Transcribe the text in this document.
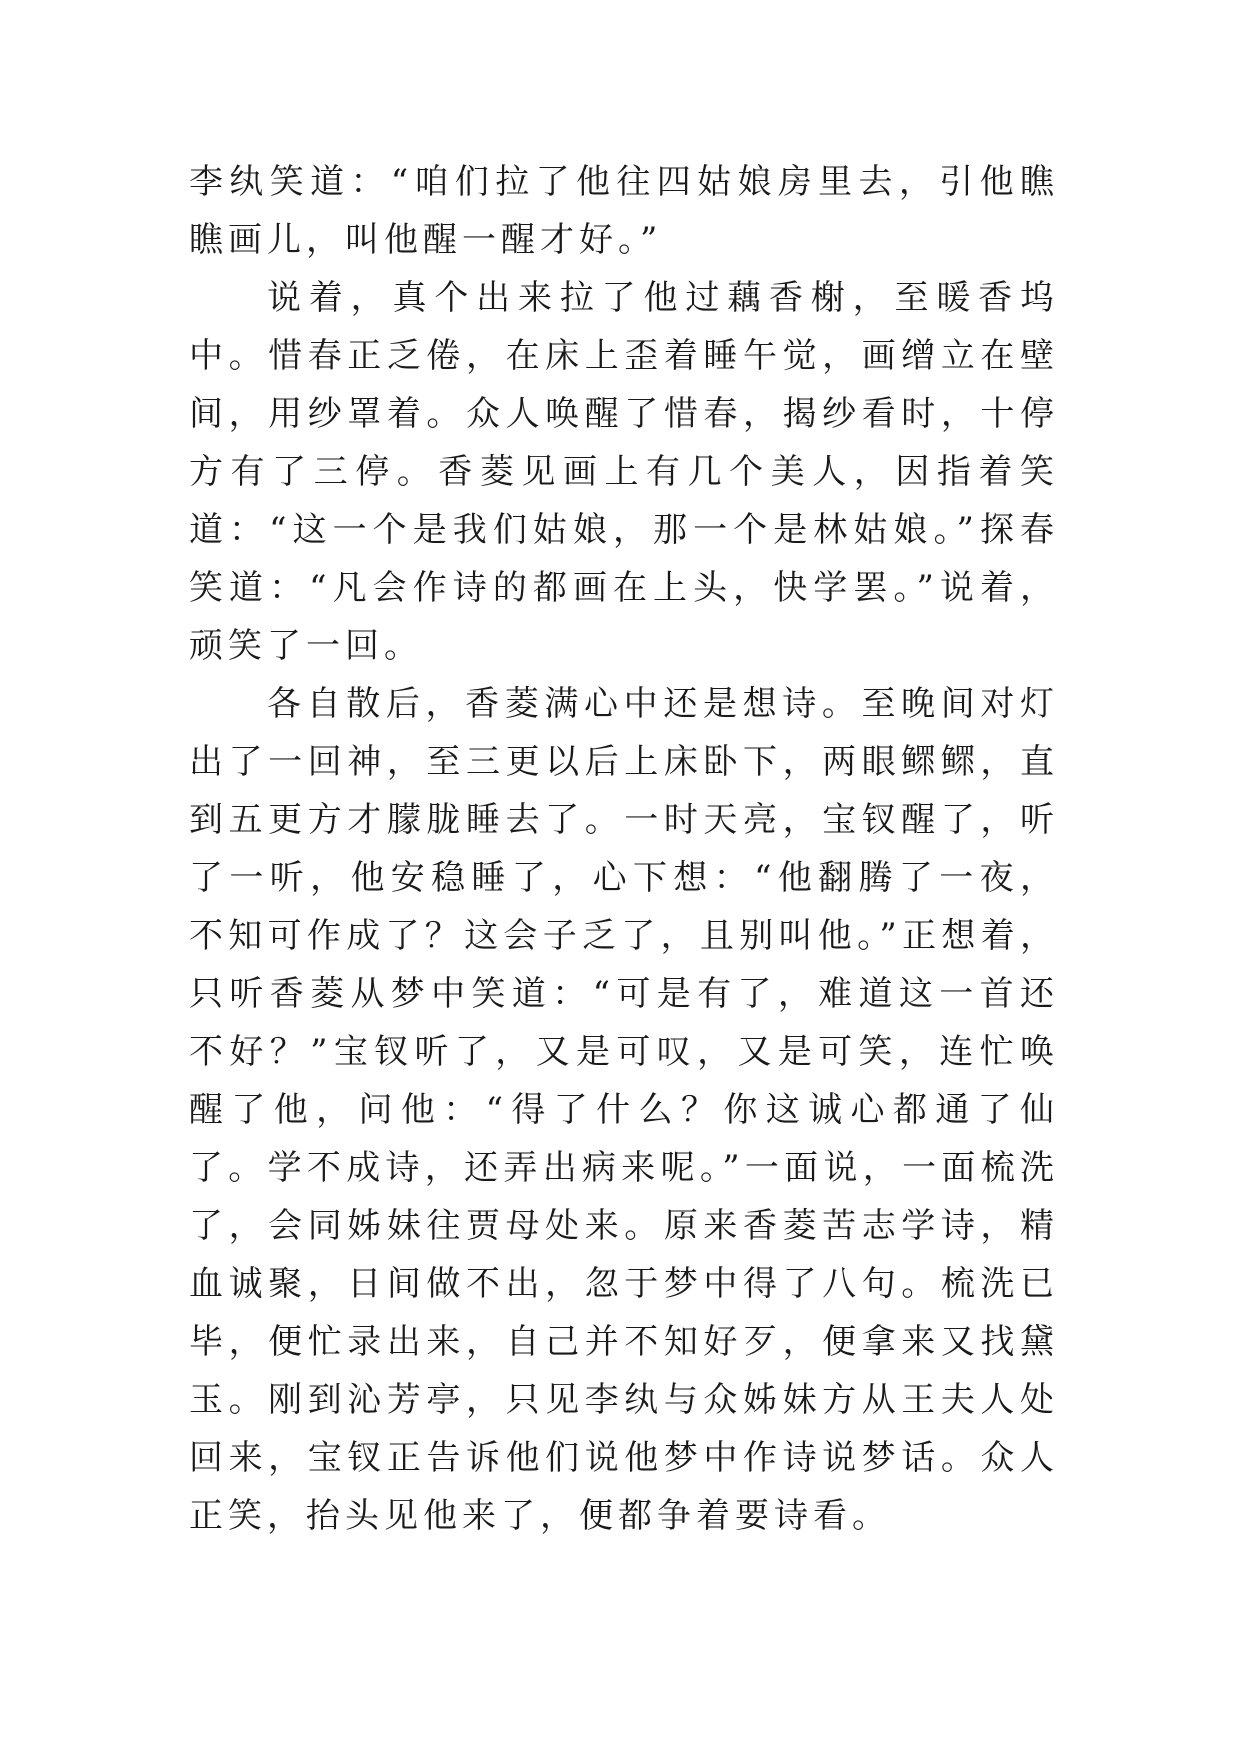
李纨笑道：“咱们拉了他往四姑娘房里去，引他瞧瞧画儿，叫他醒一醒才好。”

说着，真个出来拉了他过藕香榭，至暖香坞中。惜春正乏倦，在床上歪着睡午觉，画缯立在壁间，用纱罩着。众人唤醒了惜春，揭纱看时，十停方有了三停。香菱见画上有几个美人，因指着笑道：“这一个是我们姑娘，那一个是林姑娘。”探春笑道：“凡会作诗的都画在上头，快学罢。”说着，顽笑了一回。

各自散后，香菱满心中还是想诗。至晚间对灯出了一回神，至三更以后上床卧下，两眼鳏鳏，直到五更方才朦胧睡去了。一时天亮，宝钗醒了，听了一听，他安稳睡了，心下想：“他翻腾了一夜，不知可作成了？这会子乏了，且别叫他。”正想着，只听香菱从梦中笑道：“可是有了，难道这一首还不好？”宝钗听了，又是可叹，又是可笑，连忙唤醒了他，问他：“得了什么？你这诚心都通了仙了。学不成诗，还弄出病来呢。”一面说，一面梳洗了，会同姊妹往贾母处来。原来香菱苦志学诗，精血诚聚，日间做不出，忽于梦中得了八句。梳洗已毕，便忙录出来，自己并不知好歹，便拿来又找黛玉。刚到沁芳亭，只见李纨与众姊妹方从王夫人处回来，宝钗正告诉他们说他梦中作诗说梦话。众人正笑，抬头见他来了，便都争着要诗看。
